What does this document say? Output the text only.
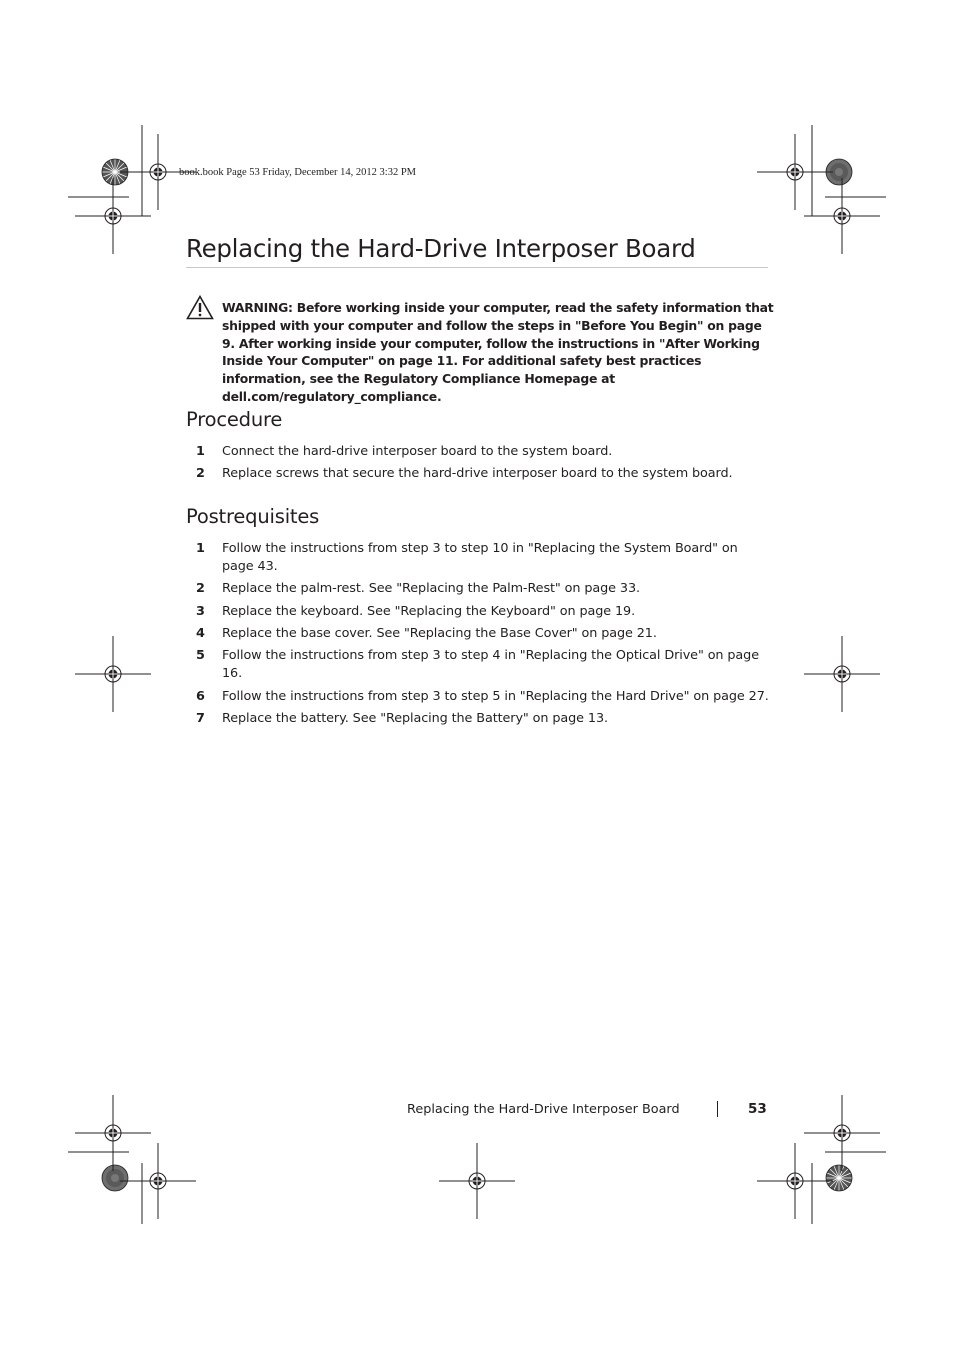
book.book Page 53 Friday, December 14, 2012 3:32 PM
Replacing the Hard-Drive Interposer Board

WARNING: Before working inside your computer, read the safety information that shipped with your computer and follow the steps in "Before You Begin" on page 9. After working inside your computer, follow the instructions in "After Working Inside Your Computer" on page 11. For additional safety best practices information, see the Regulatory Compliance Homepage at dell.com/regulatory_compliance.

Procedure
1 Connect the hard-drive interposer board to the system board.
2 Replace screws that secure the hard-drive interposer board to the system board.
Postrequisites
1 Follow the instructions from step 3 to step 10 in "Replacing the System Board" on page 43.
2 Replace the palm-rest. See "Replacing the Palm-Rest" on page 33.
3 Replace the keyboard. See "Replacing the Keyboard" on page 19.
4 Replace the base cover. See "Replacing the Base Cover" on page 21.
5 Follow the instructions from step 3 to step 4 in "Replacing the Optical Drive" on page 16.
6 Follow the instructions from step 3 to step 5 in "Replacing the Hard Drive" on page 27.
7 Replace the battery. See "Replacing the Battery" on page 13.
Replacing the Hard-Drive Interposer Board	53
